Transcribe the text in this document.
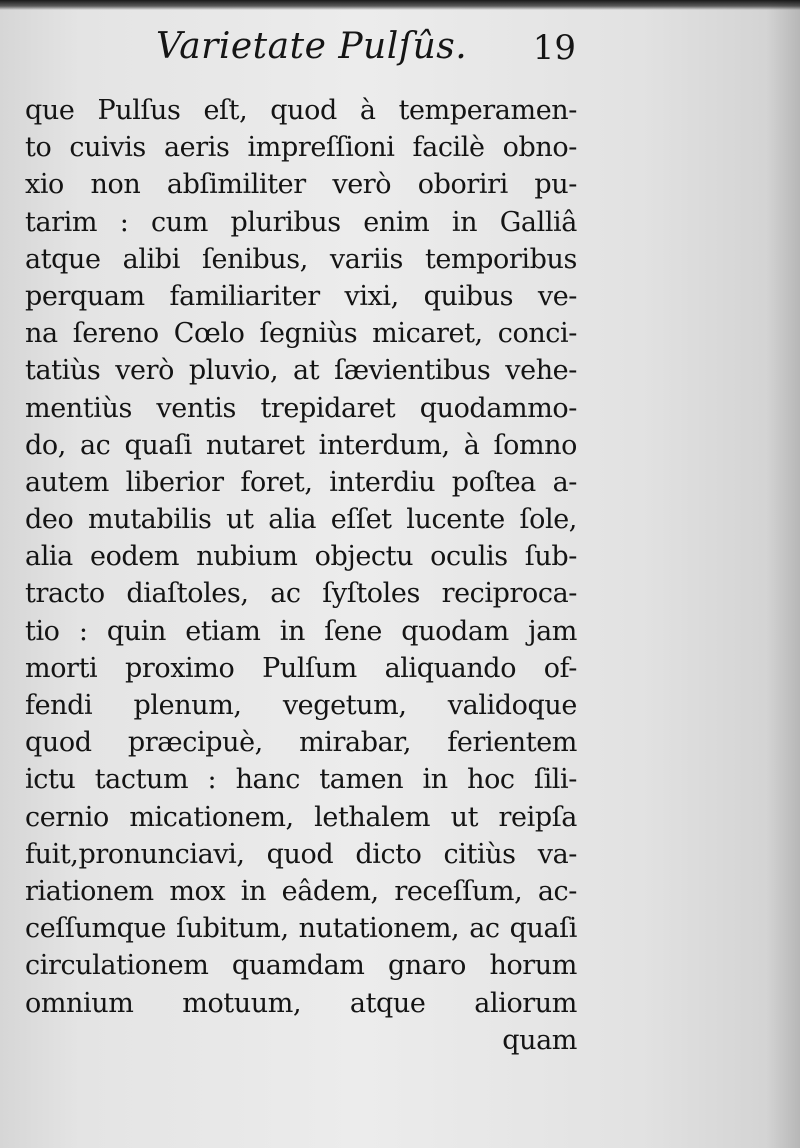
Varietate Pulſûs. 19
que Pulſus eſt, quod à temperamen-
to cuivis aeris impreſſioni facilè obno-
xio non abſimiliter verò oboriri pu-
tarim : cum pluribus enim in Galliâ
atque alibi ſenibus, variis temporibus
perquam familiariter vixi, quibus ve-
na ſereno Cœlo ſegniùs micaret, conci-
tatiùs verò pluvio, at ſævientibus vehe-
mentiùs ventis trepidaret quodammo-
do, ac quaſi nutaret interdum, à ſomno
autem liberior foret, interdiu poſtea a-
deo mutabilis ut alia eſſet lucente ſole,
alia eodem nubium objectu oculis ſub-
tracto diaſtoles, ac ſyſtoles reciproca-
tio : quin etiam in ſene quodam jam
morti proximo Pulſum aliquando of-
fendi plenum, vegetum, validoque
quod præcipuè, mirabar, ferientem
ictu tactum : hanc tamen in hoc ſili-
cernio micationem, lethalem ut reipſa
fuit,pronunciavi, quod dicto citiùs va-
riationem mox in eâdem, receſſum, ac-
ceſſumque ſubitum, nutationem, ac quaſi
circulationem quamdam gnaro horum
omnium motuum, atque aliorum
quam
